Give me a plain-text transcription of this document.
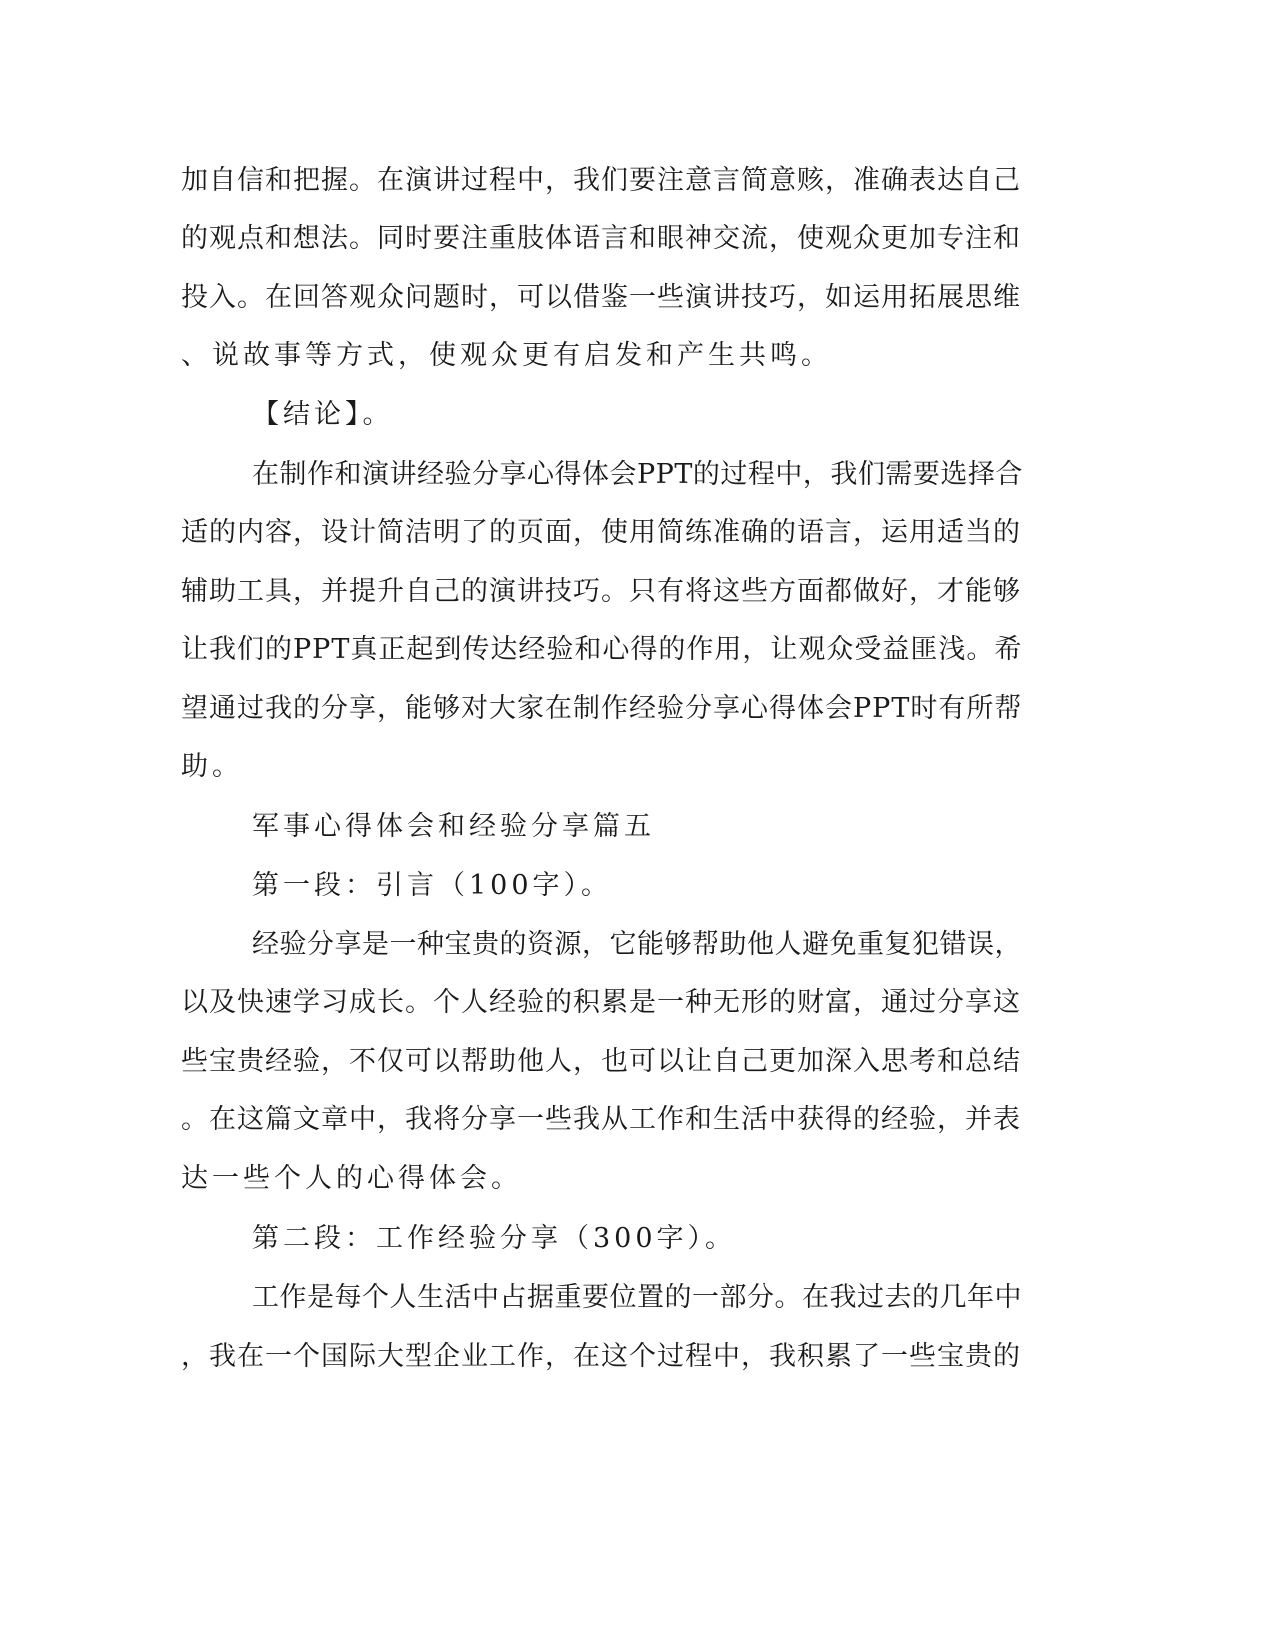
加自信和把握。在演讲过程中，我们要注意言简意赅，准确表达自己
的观点和想法。同时要注重肢体语言和眼神交流，使观众更加专注和
投入。在回答观众问题时，可以借鉴一些演讲技巧，如运用拓展思维
、说故事等方式，使观众更有启发和产生共鸣。
【结论】。
在制作和演讲经验分享心得体会PPT的过程中，我们需要选择合
适的内容，设计简洁明了的页面，使用简练准确的语言，运用适当的
辅助工具，并提升自己的演讲技巧。只有将这些方面都做好，才能够
让我们的PPT真正起到传达经验和心得的作用，让观众受益匪浅。希
望通过我的分享，能够对大家在制作经验分享心得体会PPT时有所帮
助。
军事心得体会和经验分享篇五
第一段：引言（100字）。
经验分享是一种宝贵的资源，它能够帮助他人避免重复犯错误，
以及快速学习成长。个人经验的积累是一种无形的财富，通过分享这
些宝贵经验，不仅可以帮助他人，也可以让自己更加深入思考和总结
。在这篇文章中，我将分享一些我从工作和生活中获得的经验，并表
达一些个人的心得体会。
第二段：工作经验分享（300字）。
工作是每个人生活中占据重要位置的一部分。在我过去的几年中
，我在一个国际大型企业工作，在这个过程中，我积累了一些宝贵的
